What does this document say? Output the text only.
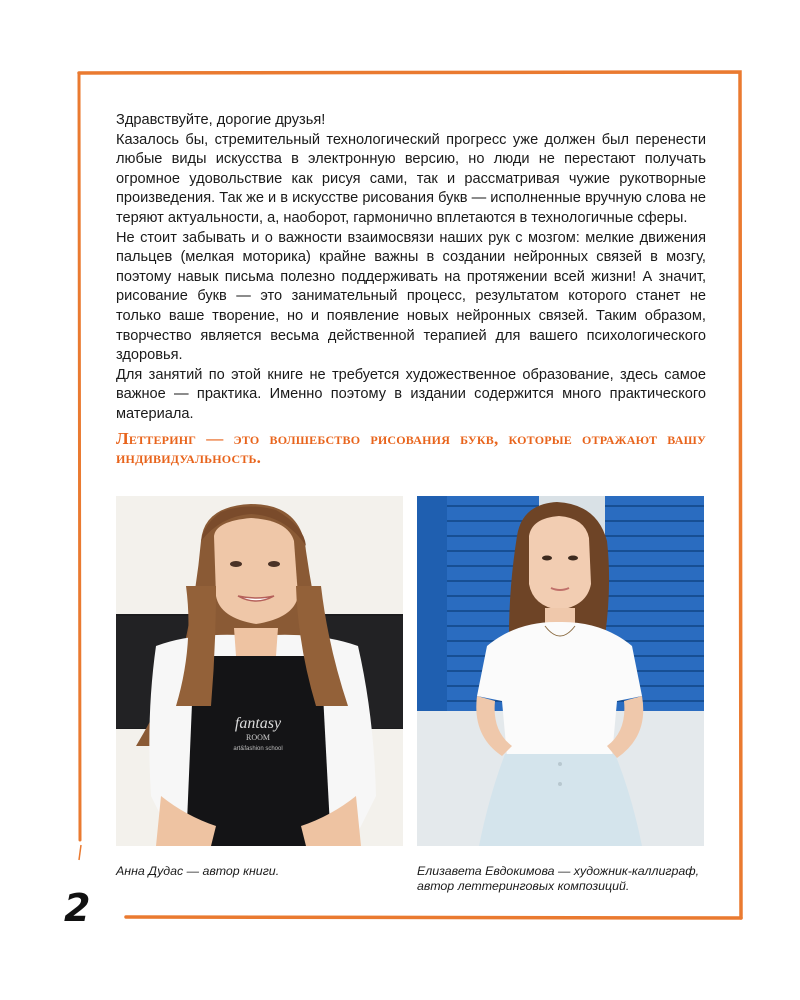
Здравствуйте, дорогие друзья!

Казалось бы, стремительный технологический прогресс уже должен был перенести любые виды искусства в электронную версию, но люди не перестают получать огромное удовольствие как рисуя сами, так и рассматривая чужие рукотворные произведения. Так же и в искусстве рисования букв — исполненные вручную слова не теряют актуальности, а, наоборот, гармонично вплетаются в технологичные сферы.

Не стоит забывать и о важности взаимосвязи наших рук с мозгом: мелкие движения пальцев (мелкая моторика) крайне важны в создании нейронных связей в мозгу, поэтому навык письма полезно поддерживать на протяжении всей жизни! А значит, рисование букв — это занимательный процесс, результатом которого станет не только ваше творение, но и появление новых нейронных связей. Таким образом, творчество является весьма действенной терапией для вашего психологического здоровья.

Для занятий по этой книге не требуется художественное образование, здесь самое важное — практика. Именно поэтому в издании содержится много практического материала.

Леттеринг — это волшебство рисования букв, которые отражают вашу индивидуальность.

fantasy
ROOM
art&fashion school
Анна Дудас — автор книги.	Елизавета Евдокимова — художник-каллиграф,
автор леттеринговых композиций.
2
